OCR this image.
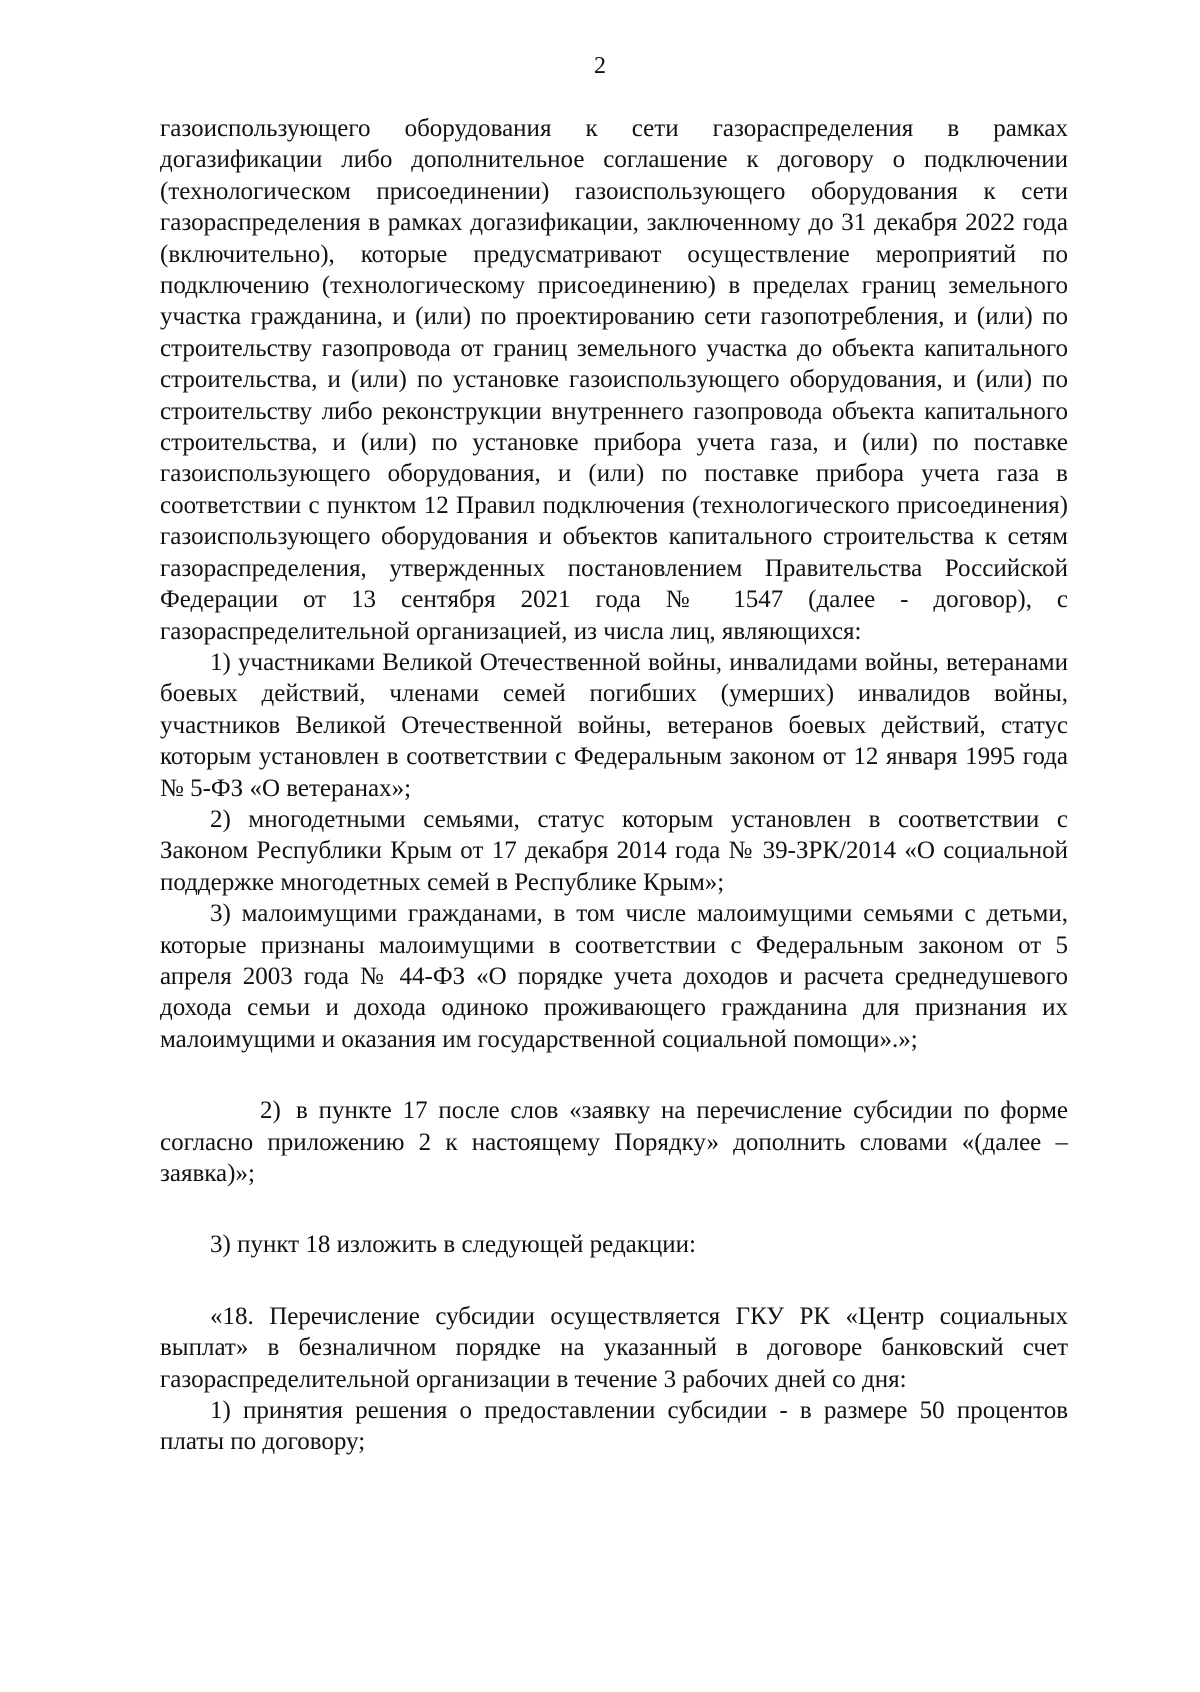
2

газоиспользующего оборудования к сети газораспределения в рамках догазификации либо дополнительное соглашение к договору о подключении (технологическом присоединении) газоиспользующего оборудования к сети газораспределения в рамках догазификации, заключенному до 31 декабря 2022 года (включительно), которые предусматривают осуществление мероприятий по подключению (технологическому присоединению) в пределах границ земельного участка гражданина, и (или) по проектированию сети газопотребления, и (или) по строительству газопровода от границ земельного участка до объекта капитального строительства, и (или) по установке газоиспользующего оборудования, и (или) по строительству либо реконструкции внутреннего газопровода объекта капитального строительства, и (или) по установке прибора учета газа, и (или) по поставке газоиспользующего оборудования, и (или) по поставке прибора учета газа в соответствии с пунктом 12 Правил подключения (технологического присоединения) газоиспользующего оборудования и объектов капитального строительства к сетям газораспределения, утвержденных постановлением Правительства Российской Федерации от 13 сентября 2021 года № 1547 (далее - договор), с газораспределительной организацией, из числа лиц, являющихся:

1) участниками Великой Отечественной войны, инвалидами войны, ветеранами боевых действий, членами семей погибших (умерших) инвалидов войны, участников Великой Отечественной войны, ветеранов боевых действий, статус которым установлен в соответствии с Федеральным законом от 12 января 1995 года № 5-ФЗ «О ветеранах»;

2) многодетными семьями, статус которым установлен в соответствии с Законом Республики Крым от 17 декабря 2014 года № 39-ЗРК/2014 «О социальной поддержке многодетных семей в Республике Крым»;

3) малоимущими гражданами, в том числе малоимущими семьями с детьми, которые признаны малоимущими в соответствии с Федеральным законом от 5 апреля 2003 года № 44-ФЗ «О порядке учета доходов и расчета среднедушевого дохода семьи и дохода одиноко проживающего гражданина для признания их малоимущими и оказания им государственной социальной помощи».»;

2) в пункте 17 после слов «заявку на перечисление субсидии по форме согласно приложению 2 к настоящему Порядку» дополнить словами «(далее – заявка)»;

3) пункт 18 изложить в следующей редакции:

«18. Перечисление субсидии осуществляется ГКУ РК «Центр социальных выплат» в безналичном порядке на указанный в договоре банковский счет газораспределительной организации в течение 3 рабочих дней со дня:

1) принятия решения о предоставлении субсидии - в размере 50 процентов платы по договору;
